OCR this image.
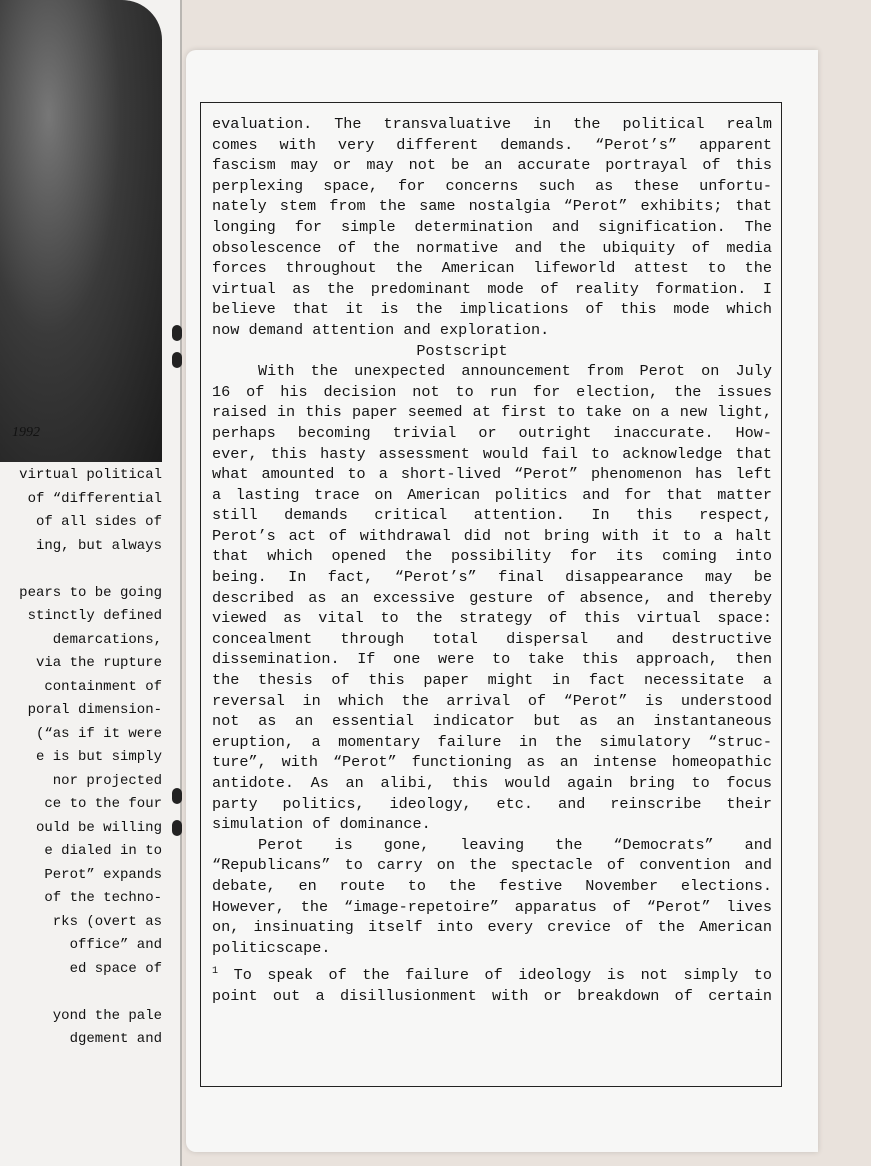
1992
virtual political
of “differential
of all sides of
ing, but always

pears to be going
stinctly defined
demarcations,
via the rupture
containment of
poral dimension-
(“as if it were
e is but simply
nor projected
ce to the four
ould be willing
e dialed in to
Perot” expands
of the techno-
rks (overt as
office” and
ed space of

yond the pale
dgement and

evaluation. The transvaluative in the political realm

comes with very different demands. “Perot’s” apparent

fascism may or may not be an accurate portrayal of this

perplexing space, for concerns such as these unfortu-

nately stem from the same nostalgia “Perot” exhibits; that

longing for simple determination and signification. The

obsolescence of the normative and the ubiquity of media

forces throughout the American lifeworld attest to the

virtual as the predominant mode of reality formation. I

believe that it is the implications of this mode which

now demand attention and exploration.

Postscript

With the unexpected announcement from Perot on July

16 of his decision not to run for election, the issues

raised in this paper seemed at first to take on a new light,

perhaps becoming trivial or outright inaccurate. How-

ever, this hasty assessment would fail to acknowledge that

what amounted to a short-lived “Perot” phenomenon has left

a lasting trace on American politics and for that matter

still demands critical attention. In this respect,

Perot’s act of withdrawal did not bring with it to a halt

that which opened the possibility for its coming into

being. In fact, “Perot’s” final disappearance may be

described as an excessive gesture of absence, and thereby

viewed as vital to the strategy of this virtual space:

concealment through total dispersal and destructive

dissemination. If one were to take this approach, then

the thesis of this paper might in fact necessitate a

reversal in which the arrival of “Perot” is understood

not as an essential indicator but as an instantaneous

eruption, a momentary failure in the simulatory “struc-

ture”, with “Perot” functioning as an intense homeopathic

antidote. As an alibi, this would again bring to focus

party politics, ideology, etc. and reinscribe their

simulation of dominance.

Perot is gone, leaving the “Democrats” and

“Republicans” to carry on the spectacle of convention and

debate, en route to the festive November elections.

However, the “image-repetoire” apparatus of “Perot” lives

on, insinuating itself into every crevice of the American

politicscape.

$^1$ To speak of the failure of ideology is not simply to

point out a disillusionment with or breakdown of certain
